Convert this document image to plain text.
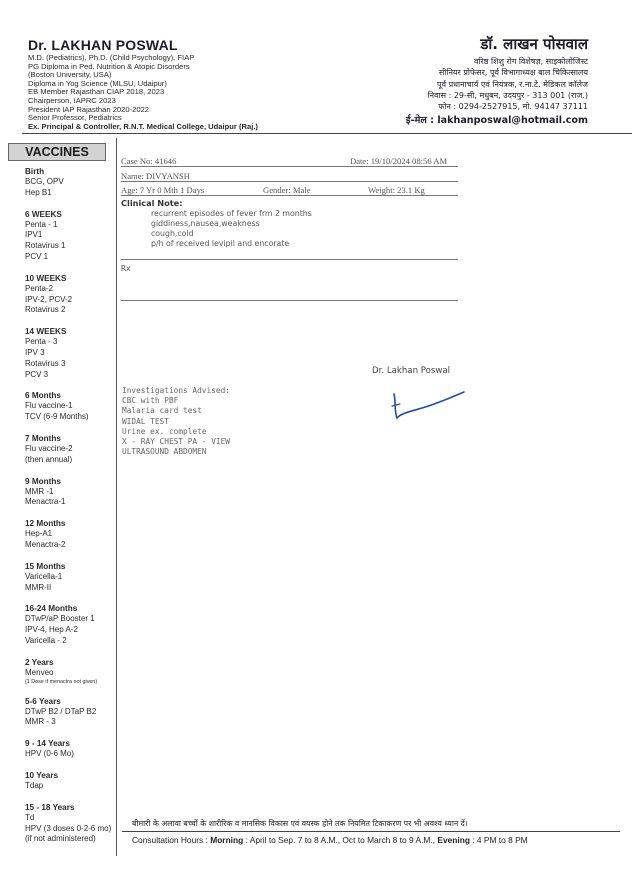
Dr. LAKHAN POSWAL
M.D. (Pediatrics), Ph.D. (Child Psychology), FIAP
PG Diploma in Ped. Nutrition & Atopic Disorders
(Boston University, USA)
Diploma in Yog Science (MLSU, Udaipur)
EB Member Rajasthan CIAP 2018, 2023
Chairperson, IAPRC 2023
President IAP Rajasthan 2020-2022
Senior Professor, Pediatrics
Ex. Principal & Controller, R.N.T. Medical College, Udaipur (Raj.)
डॉ. लाखन पोसवाल
वरिष्ठ शिशु रोग विशेषज्ञ, साइकोलोजिस्ट
सीनियर प्रोफेसर, पूर्व विभागाध्यक्ष बाल चिकित्सालय
पूर्व प्रधानाचार्य एवं नियंत्रक, र.ना.टे. मेडिकल कॉलेज
निवास : 29-सी, मधुबन, उदयपुर - 313 001 (राज.)
फोन : 0294-2527915, मो. 94147 37111
ई-मेल : lakhanposwal@hotmail.com
VACCINES
Birth
BCG, OPV
Hep B1
6 WEEKS
Penta - 1
IPV1
Rotavirus 1
PCV 1
10 WEEKS
Penta-2
IPV-2, PCV-2
Rotavirus 2
14 WEEKS
Penta - 3
IPV 3
Rotavirus 3
PCV 3
6 Months
Flu vaccine-1
TCV (6-9 Months)
7 Months
Flu vaccine-2
(then annual)
9 Months
MMR -1
Menactra-1
12 Months
Hep-A1
Menactra-2
15 Months
Varicella-1
MMR-II
16-24 Months
DTwP/aP Booster 1
IPV-4, Hep A-2
Varicella - 2
2 Years
Menveo
(1 Dose if menactra not given)
5-6 Years
DTwP B2 / DTaP B2
MMR - 3
9 - 14 Years
HPV (0-6 Mo)
10 Years
Tdap
15 - 18 Years
Td
HPV (3 doses 0-2-6 mo)
(if not administered)
Case No: 41646	Date: 19/10/2024 08:56 AM
Name: DIVYANSH
Age: 7 Yr 0 Mth 1 Days	Gender: Male	Weight: 23.1 Kg
Clinical Note:
recurrent episodes of fever frm 2 months
giddiness,nausea,weakness
cough,cold
p/h of received levipil and encorate
Rx
Dr. Lakhan Poswal
Investigations Advised:
CBC with PBF
Malaria card test
WIDAL TEST
Urine ex. complete
X - RAY CHEST PA - VIEW
ULTRASOUND ABDOMEN
बीमारी के अलावा बच्चों के शारीरिक व मानसिक विकास एवं वयस्क होने तक नियमित टिकाकरण पर भी अवश्य ध्यान दें।
Consultation Hours : Morning : April to Sep. 7 to 8 A.M., Oct to March 8 to 9 A.M., Evening : 4 PM to 8 PM
